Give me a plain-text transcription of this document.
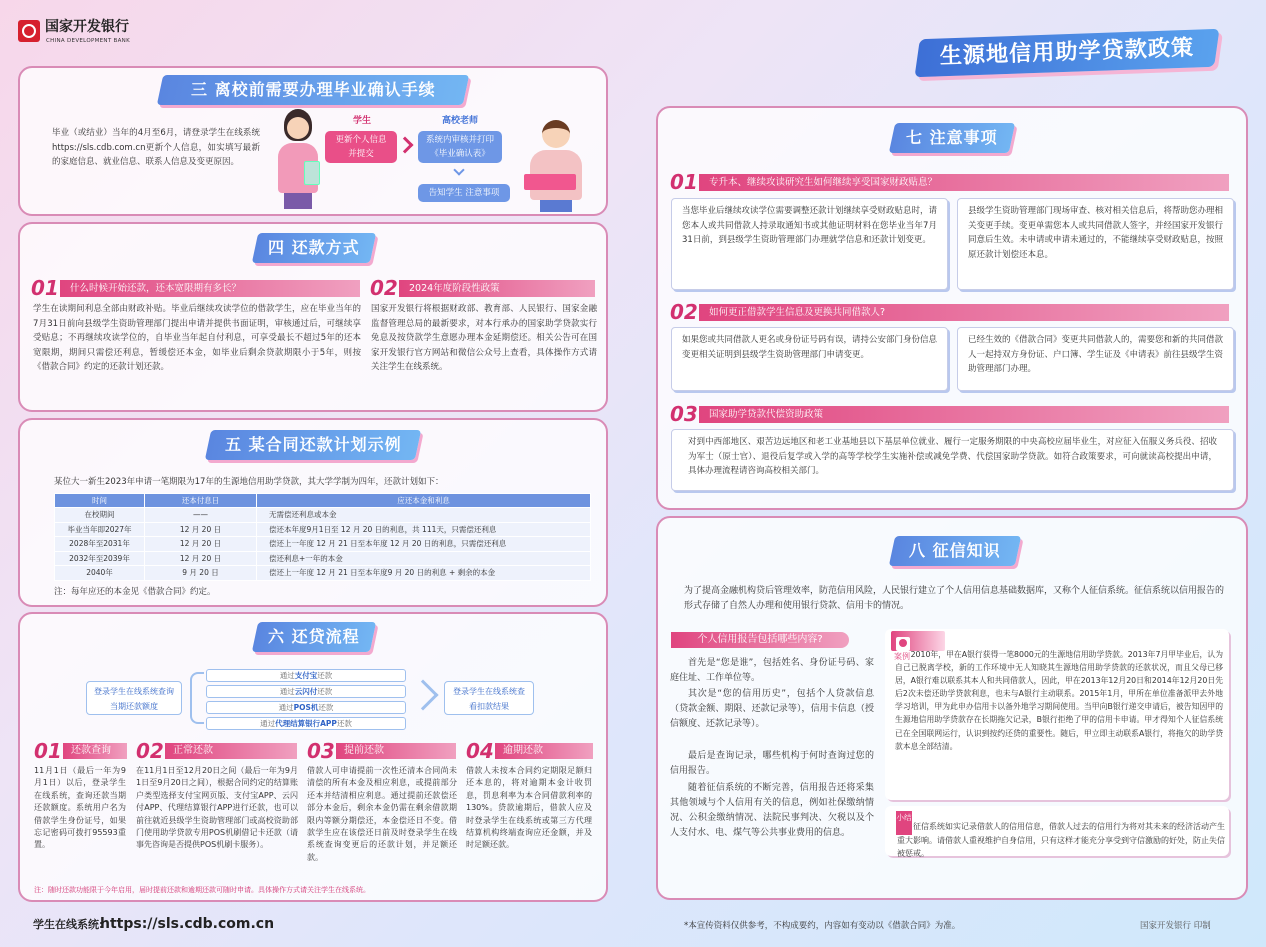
国家开发银行
CHINA DEVELOPMENT BANK	生源地信用助学贷款政策
三 离校前需要办理毕业确认手续
毕业（或结业）当年的4月至6月，请登录学生在线系统https://sls.cdb.com.cn更新个人信息，如实填写最新的家庭信息、就业信息、联系人信息及变更原因。
学生
更新个人信息并提交
高校老师
系统内审核并打印《毕业确认表》
告知学生 注意事项
四 还款方式
01	什么时候开始还款，还本宽限期有多长？
学生在读期间利息全部由财政补贴。毕业后继续攻读学位的借款学生，应在毕业当年的7月31日前向县级学生资助管理部门提出申请并提供书面证明，审核通过后，可继续享受贴息；不再继续攻读学位的，自毕业当年起自付利息，可享受最长不超过5年的还本宽限期，期间只需偿还利息，暂缓偿还本金，如毕业后剩余贷款期限小于5年，则按《借款合同》约定的还款计划还款。
02	2024年度阶段性政策
国家开发银行将根据财政部、教育部、人民银行、国家金融监督管理总局的最新要求，对本行承办的国家助学贷款实行免息及按贷款学生意愿办理本金延期偿还。相关公告可在国家开发银行官方网站和微信公众号上查看，具体操作方式请关注学生在线系统。
五 某合同还款计划示例
某位大一新生2023年申请一笔期限为17年的生源地信用助学贷款，其大学学制为四年，还款计划如下：
时间	还本付息日	应还本金和利息
在校期间	——	无需偿还利息或本金
毕业当年即2027年	12 月 20 日	偿还本年度9月1日至 12 月 20 日的利息，共 111天，只需偿还利息
2028年至2031年	12 月 20 日	偿还上一年度 12 月 21 日至本年度 12 月 20 日的利息，只需偿还利息
2032年至2039年	12 月 20 日	偿还利息+一年的本金
2040年	9 月 20 日	偿还上一年度 12 月 21 日至本年度9 月 20 日的利息 + 剩余的本金
注：每年应还的本金见《借款合同》约定。
六 还贷流程
登录学生在线系统查询当期还款额度
通过支付宝还款
通过云闪付还款
通过POS机还款
通过代理结算银行APP还款
登录学生在线系统查看扣款结果
01 还款查询
11月1日（最后一年为9月1日）以后，登录学生在线系统，查询还款当期还款额度。系统用户名为借款学生身份证号，如果忘记密码可拨打95593重置。
02 正常还款
在11月1日至12月20日之间（最后一年为9月1日至9月20日之间），根据合同约定的结算账户类型选择支付宝网页版、支付宝APP、云闪付APP、代理结算银行APP进行还款，也可以前往就近县级学生资助管理部门或高校资助部门使用助学贷款专用POS机刷借记卡还款（请事先咨询是否提供POS机刷卡服务）。
03 提前还款
借款人可申请提前一次性还清本合同尚未清偿的所有本金及相应利息，或提前部分还本并结清相应利息。通过提前还款偿还部分本金后，剩余本金仍需在剩余借款期限内等额分期偿还，本金偿还日不变。借款学生应在该偿还日前及时登录学生在线系统查询变更后的还款计划，并足额还款。
04 逾期还款
借款人未按本合同约定期限足额归还本息的，将对逾期本金计收罚息，罚息利率为本合同借款利率的130%。贷款逾期后，借款人应及时登录学生在线系统或第三方代理结算机构终端查询应还金额，并及时足额还款。
注：随时还款功能限于今年启用，届时提前还款和逾期还款可随时申请。具体操作方式请关注学生在线系统。
学生在线系统:
https://sls.cdb.com.cn
七 注意事项
01	专升本、继续攻读研究生如何继续享受国家财政贴息？
当您毕业后继续攻读学位需要调整还款计划继续享受财政贴息时，请您本人或共同借款人持录取通知书或其他证明材料在您毕业当年7月31日前，到县级学生资助管理部门办理就学信息和还款计划变更。
县级学生资助管理部门现场审查、核对相关信息后，将帮助您办理相关变更手续。变更单需您本人或共同借款人签字，并经国家开发银行同意后生效。未申请或申请未通过的，不能继续享受财政贴息，按照原还款计划偿还本息。
02	如何更正借款学生信息及更换共同借款人?
如果您或共同借款人更名或身份证号码有误，请持公安部门身份信息变更相关证明到县级学生资助管理部门申请变更。
已经生效的《借款合同》变更共同借款人的，需要您和新的共同借款人一起持双方身份证、户口簿、学生证及《申请表》前往县级学生资助管理部门办理。
03	国家助学贷款代偿资助政策
对到中西部地区、艰苦边远地区和老工业基地县以下基层单位就业、履行一定服务期限的中央高校应届毕业生，对应征入伍服义务兵役、招收为军士（原士官）、退役后复学或入学的高等学校学生实施补偿或减免学费、代偿国家助学贷款。如符合政策要求，可向就读高校提出申请，具体办理流程请咨询高校相关部门。
八 征信知识
为了提高金融机构贷后管理效率，防范信用风险，人民银行建立了个人信用信息基础数据库，又称个人征信系统。征信系统以信用报告的形式存储了自然人办理和使用银行贷款、信用卡的情况。
个人信用报告包括哪些内容?
首先是“您是谁”，包括姓名、身份证号码、家庭住址、工作单位等。
其次是“您的信用历史”，包括个人贷款信息（贷款金额、期限、还款记录等），信用卡信息（授信额度、还款记录等）。
最后是查询记录，哪些机构于何时查询过您的信用报告。
随着征信系统的不断完善，信用报告还将采集其他领域与个人信用有关的信息，例如社保缴纳情况、公积金缴纳情况、法院民事判决、欠税以及个人支付水、电、煤气等公共事业费用的信息。
案例 2010年，甲在A银行获得一笔8000元的生源地信用助学贷款。2013年7月甲毕业后，认为自己已脱离学校，新的工作环境中无人知晓其生源地信用助学贷款的还款状况，而且父母已移居，A银行难以联系其本人和共同借款人，因此，甲在2013年12月20日和2014年12月20日先后2次未偿还助学贷款利息，也未与A银行主动联系。2015年1月，甲所在单位准备派甲去外地学习培训，甲为此申办信用卡以备外地学习期间使用。当甲向B银行递交申请后，被告知因甲的生源地信用助学贷款存在长期拖欠记录，B银行拒绝了甲的信用卡申请。甲才得知个人征信系统已在全国联网运行，认识到按约还贷的重要性。随后，甲立即主动联系A银行，将拖欠的助学贷款本息全部结清。
小结
征信系统如实记录借款人的信用信息，借款人过去的信用行为将对其未来的经济活动产生重大影响。请借款人重视维护自身信用，只有这样才能充分享受到守信激励的好处，防止失信被惩戒。
*本宣传资料仅供参考，不构成要约，内容如有变动以《借款合同》为准。	国家开发银行 印制
